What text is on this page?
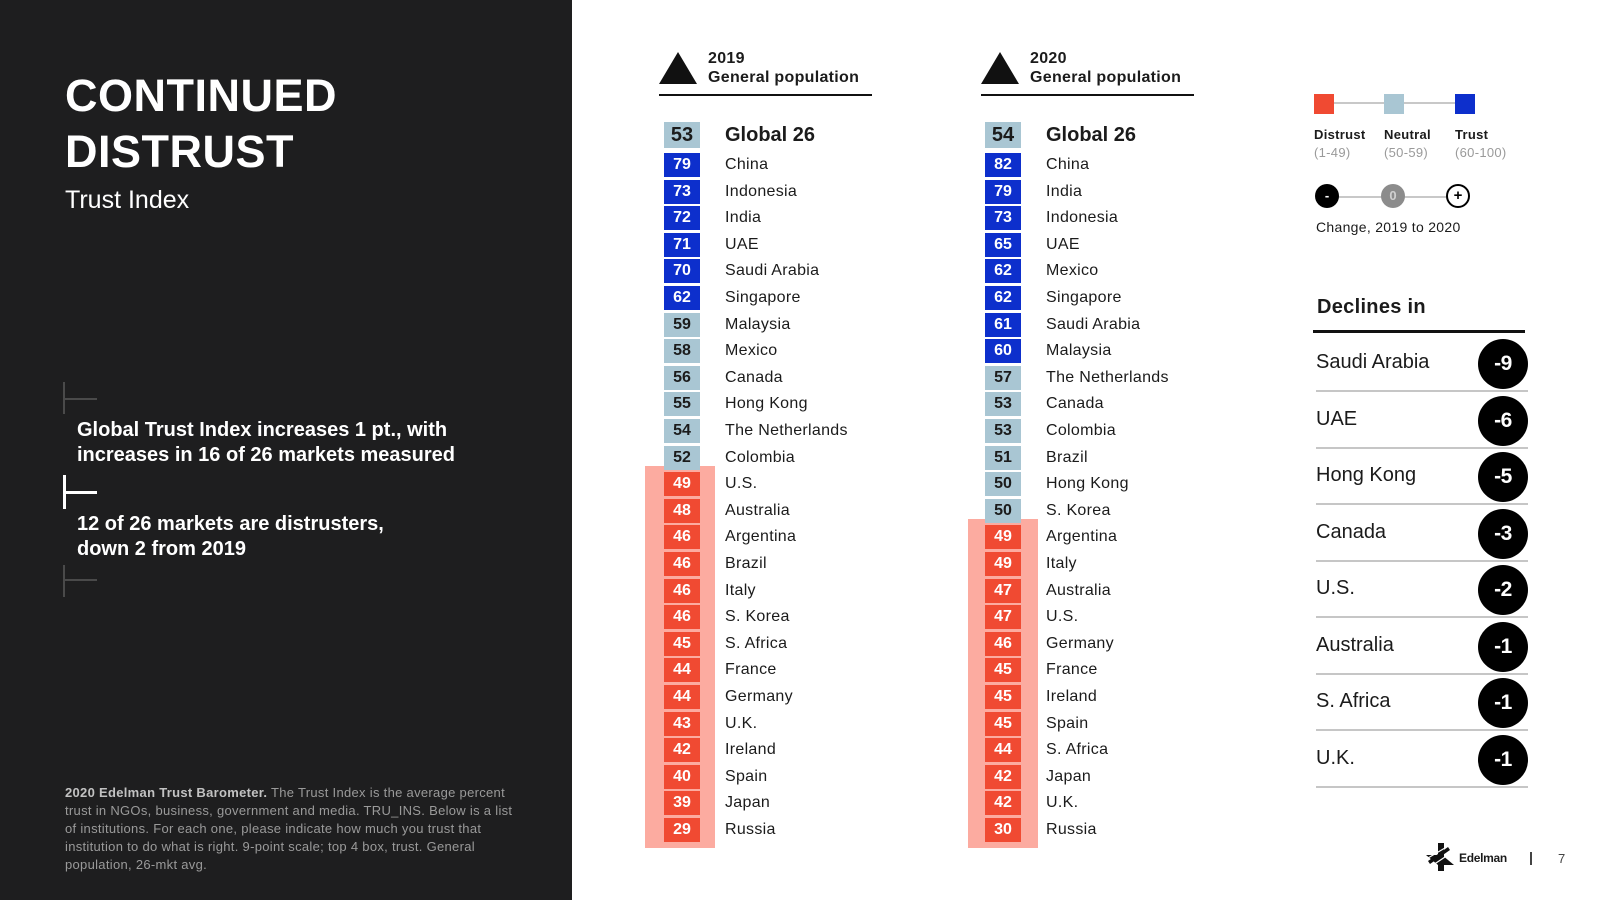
CONTINUED
DISTRUST
Trust Index

Global Trust Index increases 1 pt., with
increases in 16 of 26 markets measured

12 of 26 markets are distrusters,
down 2 from 2019

2020 Edelman Trust Barometer. The Trust Index is the average percent trust in NGOs, business, government and media. TRU_INS. Below is a list of institutions. For each one, please indicate how much you trust that institution to do what is right. 9-point scale; top 4 box, trust. General population, 26-mkt avg.

2019
General population
53	Global 26
79	China
73	Indonesia
72	India
71	UAE
70	Saudi Arabia
62	Singapore
59	Malaysia
58	Mexico
56	Canada
55	Hong Kong
54	The Netherlands
52	Colombia
49	U.S.
48	Australia
46	Argentina
46	Brazil
46	Italy
46	S. Korea
45	S. Africa
44	France
44	Germany
43	U.K.
42	Ireland
40	Spain
39	Japan
29	Russia
2020
General population
54	Global 26
82	China
79	India
73	Indonesia
65	UAE
62	Mexico
62	Singapore
61	Saudi Arabia
60	Malaysia
57	The Netherlands
53	Canada
53	Colombia
51	Brazil
50	Hong Kong
50	S. Korea
49	Argentina
49	Italy
47	Australia
47	U.S.
46	Germany
45	France
45	Ireland
45	Spain
44	S. Africa
42	Japan
42	U.K.
30	Russia
Distrust Neutral Trust
(1-49)	(50-59) (60-100)
-	0	+
Change, 2019 to 2020
Declines in
Saudi Arabia	-9
UAE	-6
Hong Kong	-5
Canada	-3
U.S.	-2
Australia	-1
S. Africa	-1
U.K.	-1
Edelman	7
